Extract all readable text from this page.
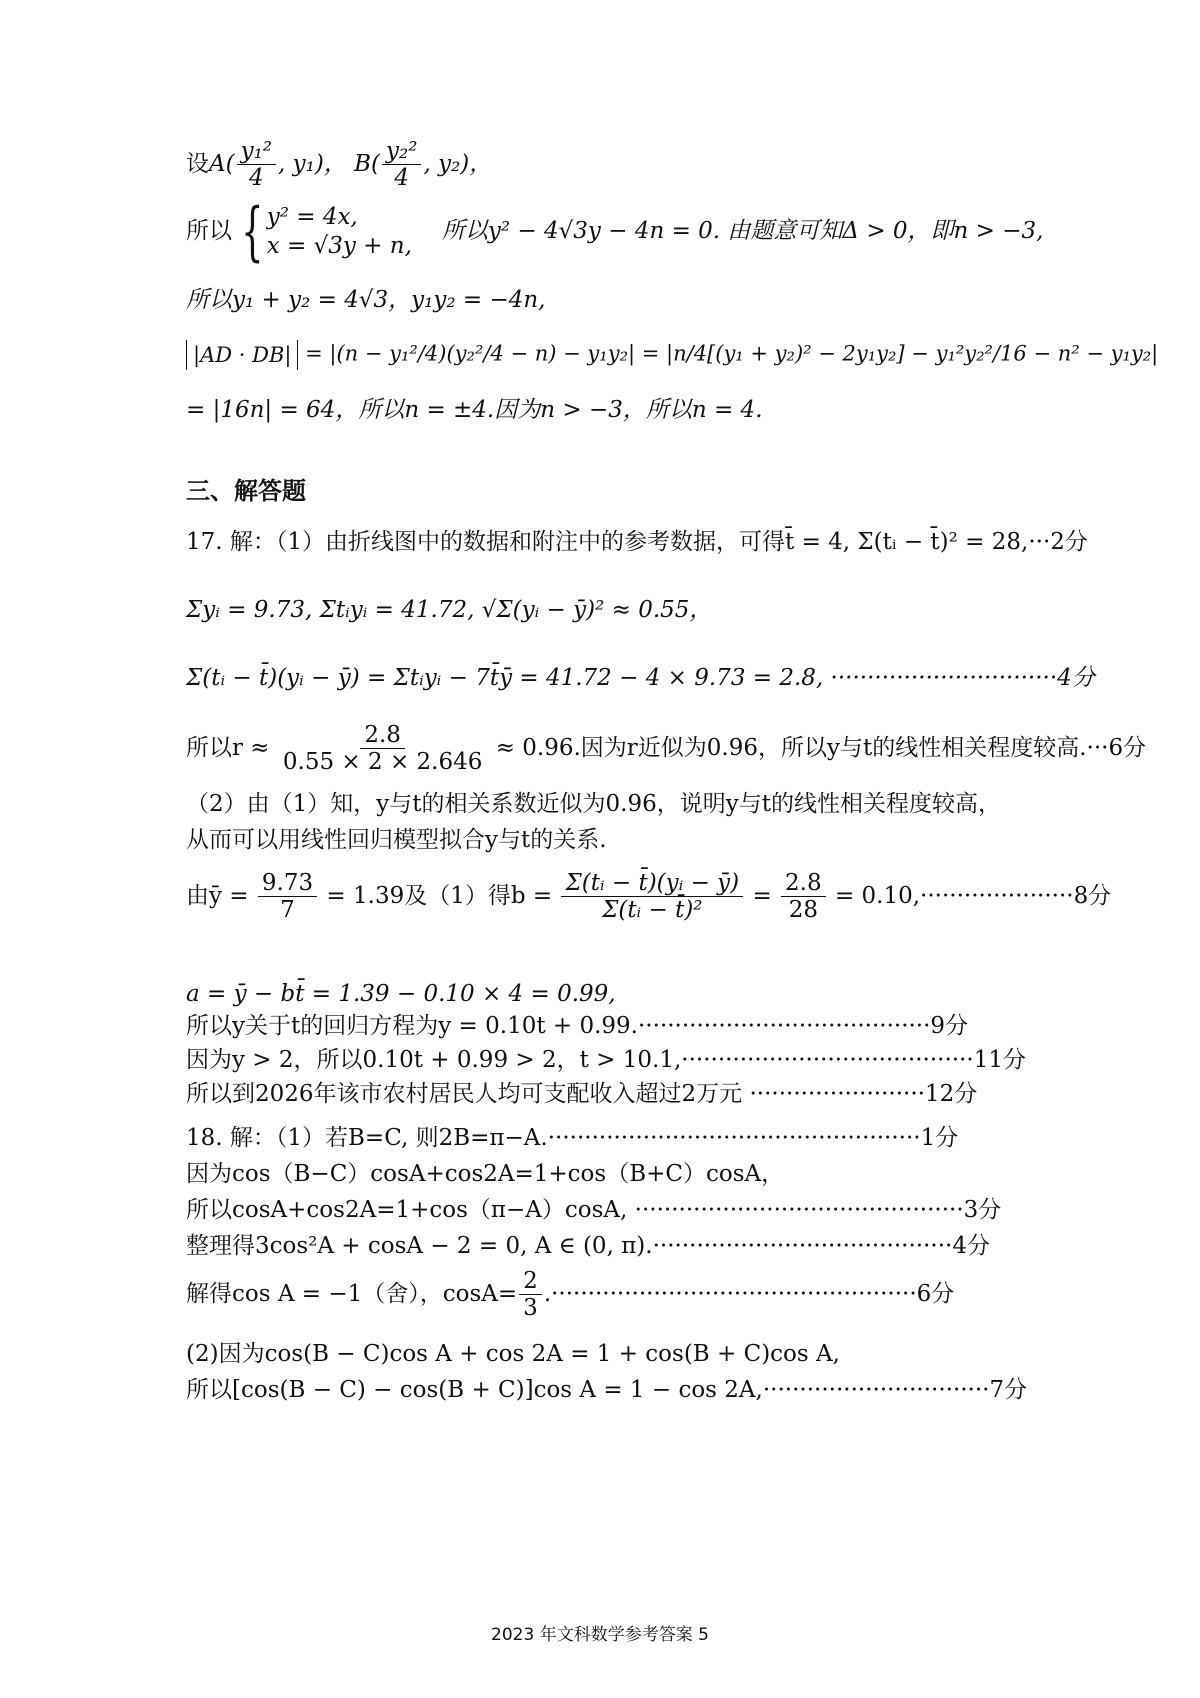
设$A( \frac{\text{y₁²}}{4}$ , y₁)， $B( \frac{\text{y₂²}}{4}$ , y₂)，
所以 { y² = 4x,
x = √3y + n,
所以y² − 4√3y − 4n = 0. 由题意可知Δ > 0，即n > −3,
所以y₁ + y₂ = 4√3，y₁y₂ = −4n,
|AD · DB| = |(n − y₁²/4)(y₂²/4 − n) − y₁y₂| = |n/4[(y₁ + y₂)² − 2y₁y₂] − y₁²y₂²/16 − n² − y₁y₂|
= |16n| = 64，所以n = ±4.因为n > −3，所以n = 4.
三、解答题
17. 解：（1）由折线图中的数据和附注中的参考数据，可得t̄ = 4, Σ(tᵢ − t̄)² = 28,···2分
Σyᵢ = 9.73, Σtᵢyᵢ = 41.72, √Σ(yᵢ − ȳ)² ≈ 0.55，
Σ(tᵢ − t̄)(yᵢ − ȳ) = Σtᵢyᵢ − 7t̄ȳ = 41.72 − 4 × 9.73 = 2.8, ·······························4分
所以$r \approx \frac{2.8}{0.55 \times 2 \times 2.646} \approx 0.96$.因为r近似为0.96，所以y与t的线性相关程度较高.···6分
（2）由（1）知，y与t的相关系数近似为0.96，说明y与t的线性相关程度较高，
从而可以用线性回归模型拟合y与t的关系.
由ȳ = $\frac{9.73}{7} = 1.39$及（1）得$b = \frac{\text{Σ(tᵢ − t̄)(yᵢ − ȳ)}}{\text{Σ(tᵢ − t̄)²}} = \frac{2.8}{28} = 0.10,\cdot\cdot\cdot\cdot\cdot\cdot\cdot\cdot\cdot\cdot\cdot\cdot\cdot\cdot\cdot\cdot\cdot\cdot\cdot\cdot\cdot 8$分
a = ȳ − bt̄ = 1.39 − 0.10 × 4 = 0.99,
所以y关于t的回归方程为y = 0.10t + 0.99.········································9分
因为y > 2，所以0.10t + 0.99 > 2，t > 10.1,········································11分
所以到2026年该市农村居民人均可支配收入超过2万元 ························12分
18. 解：（1）若B=C, 则2B=π−A.···················································1分
因为cos（B−C）cosA+cos2A=1+cos（B+C）cosA，
所以cosA+cos2A=1+cos（π−A）cosA, ·············································3分
整理得3cos²A + cosA − 2 = 0, A ∈ (0, π).·········································4分
解得cos A = −1（舍），$\cos A= \frac{2}{3} .\cdot\cdot\cdot\cdot\cdot\cdot\cdot\cdot\cdot\cdot\cdot\cdot\cdot\cdot\cdot\cdot\cdot\cdot\cdot\cdot\cdot\cdot\cdot\cdot\cdot\cdot\cdot\cdot\cdot\cdot\cdot\cdot\cdot\cdot\cdot\cdot\cdot\cdot\cdot\cdot\cdot\cdot\cdot\cdot\cdot\cdot\cdot\cdot\cdot\cdot 6$分
(2)因为cos(B − C)cos A + cos 2A = 1 + cos(B + C)cos A,
所以[cos(B − C) − cos(B + C)]cos A = 1 − cos 2A,·······························7分
2023 年文科数学参考答案 5
